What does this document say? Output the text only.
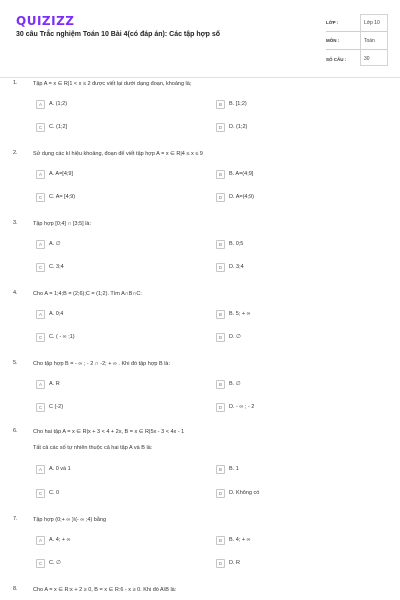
QUIZIZZ
30 câu Trắc nghiệm Toán 10 Bài 4(có đáp án): Các tập hợp số
LỚP :	Lớp 10
MÔN :	Toán
SỐ CÂU :	30
1.	Tập A = x ∈ R|1 < x ≤ 2 được viết lại dưới dạng đoạn, khoảng là;
A	A. (1;2)	B	B. [1;2)
C	C. (1;2]	D	D. (1;2)
2.	Sử dụng các kí hiệu khoảng, đoạn để viết tập hợp A = x ∈ R|4 ≤ x ≤ 9
A	A. A=[4;9]	B	B. A=(4;9]
C	C. A= [4;9)	D	D. A=(4;9)
3.	Tập hợp [0;4] ∩ [3;5] là:
A	A. ∅	B	B. 0;5
C	C. 3;4	D	D. 3;4
4.	Cho A = 1;4;B = (2;6);C = (1;2). Tìm A∩B∩C:
A	A. 0;4	B	B. 5; + ∞
C	C. ( - ∞ ;1)	D	D. ∅
5.	Cho tập hợp B = - ∞ ; - 2 ∩ -2; + ∞ . Khi đó tập hợp B là:
A	A. R	B	B. ∅
C	C {-2}	D	D. - ∞ ; - 2
6.	Cho hai tập A = x ∈ R|x + 3 < 4 + 2x, B = x ∈ R|5x - 3 < 4x - 1
Tất cả các số tự nhiên thuộc cả hai tập A và B là:
A	A. 0 và 1	B	B. 1
C	C. 0	D	D. Không có
7.	Tập hợp (0;+ ∞ )\(- ∞ ;4) bằng
A	A. 4; + ∞	B	B. 4; + ∞
C	C. ∅	D	D. R
8.	Cho A = x ∈ R:x + 2 ≥ 0, B = x ∈ R:6 - x ≥ 0. Khi đó A\B là:
